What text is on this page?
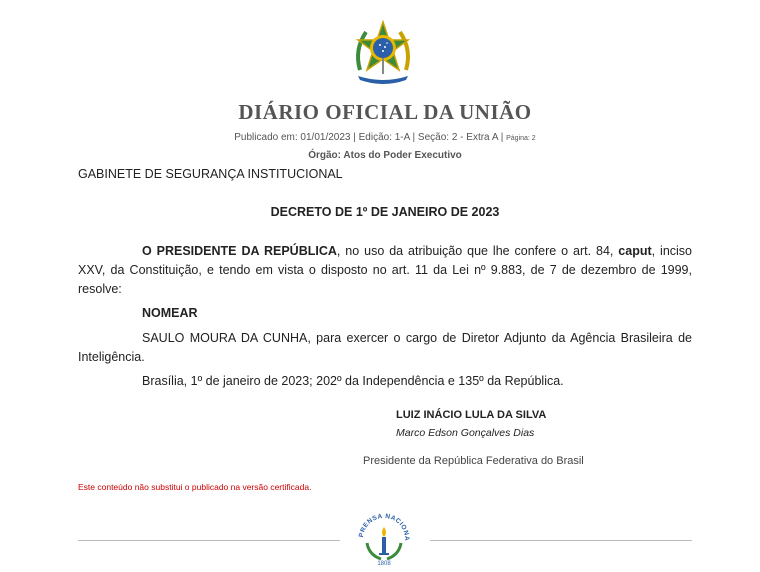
DIÁRIO OFICIAL DA UNIÃO
Publicado em: 01/01/2023 | Edição: 1-A | Seção: 2 - Extra A | Página: 2
Órgão: Atos do Poder Executivo
GABINETE DE SEGURANÇA INSTITUCIONAL
DECRETO DE 1º DE JANEIRO DE 2023
O PRESIDENTE DA REPÚBLICA, no uso da atribuição que lhe confere o art. 84, caput, inciso XXV, da Constituição, e tendo em vista o disposto no art. 11 da Lei nº 9.883, de 7 de dezembro de 1999, resolve:
NOMEAR
SAULO MOURA DA CUNHA, para exercer o cargo de Diretor Adjunto da Agência Brasileira de Inteligência.
Brasília, 1º de janeiro de 2023; 202º da Independência e 135º da República.
LUIZ INÁCIO LULA DA SILVA
Marco Edson Gonçalves Dias
Presidente da República Federativa do Brasil
Este conteúdo não substitui o publicado na versão certificada.
PRENSA NACIONA
1808
